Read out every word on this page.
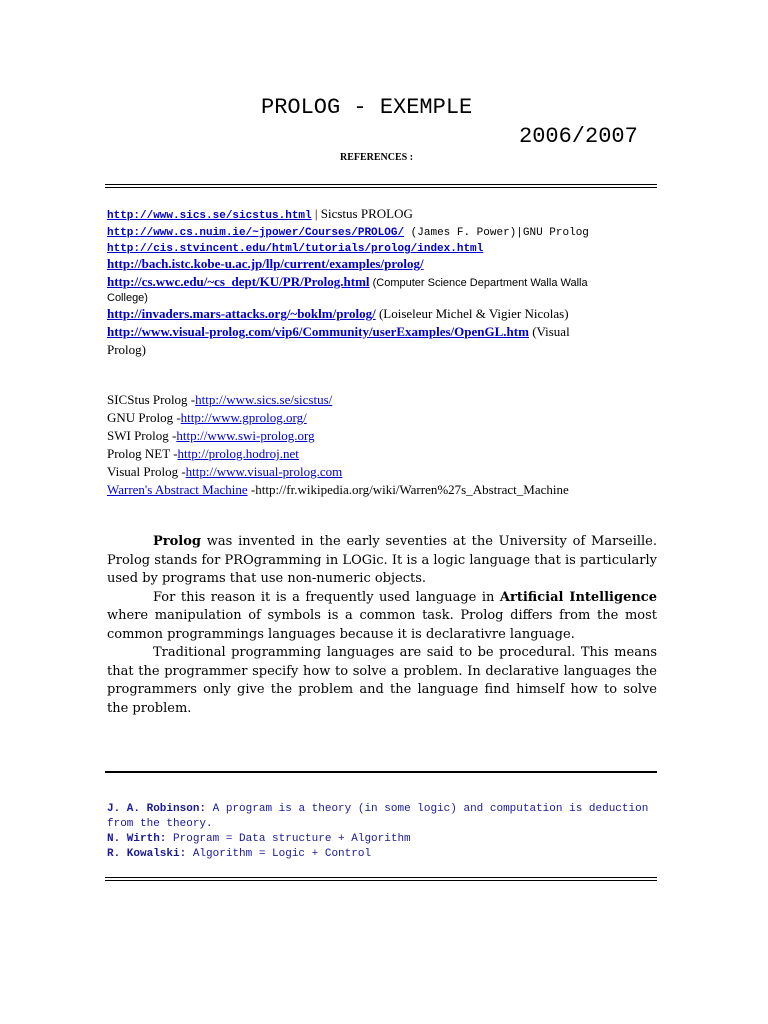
PROLOG - EXEMPLE
2006/2007
REFERENCES :
http://www.sics.se/sicstus.html | Sicstus PROLOG
http://www.cs.nuim.ie/~jpower/Courses/PROLOG/ (James F. Power)|GNU Prolog
http://cis.stvincent.edu/html/tutorials/prolog/index.html
http://bach.istc.kobe-u.ac.jp/llp/current/examples/prolog/
http://cs.wwc.edu/~cs_dept/KU/PR/Prolog.html (Computer Science Department Walla Walla
College)
http://invaders.mars-attacks.org/~boklm/prolog/ (Loiseleur Michel & Vigier Nicolas)
http://www.visual-prolog.com/vip6/Community/userExamples/OpenGL.htm (Visual
Prolog)
SICStus Prolog -http://www.sics.se/sicstus/
GNU Prolog -http://www.gprolog.org/
SWI Prolog -http://www.swi-prolog.org
Prolog NET -http://prolog.hodroj.net
Visual Prolog -http://www.visual-prolog.com
Warren's Abstract Machine -http://fr.wikipedia.org/wiki/Warren%27s_Abstract_Machine

Prolog was invented in the early seventies at the University of Marseille. Prolog stands for PROgramming in LOGic. It is a logic language that is particularly used by programs that use non-numeric objects.

For this reason it is a frequently used language in Artificial Intelligence where manipulation of symbols is a common task. Prolog differs from the most common programmings languages because it is declarativre language.

Traditional programming languages are said to be procedural. This means that the programmer specify how to solve a problem. In declarative languages the programmers only give the problem and the language find himself how to solve the problem.

J. A. Robinson: A program is a theory (in some logic) and computation is deduction from the theory.
N. Wirth: Program = Data structure + Algorithm
R. Kowalski: Algorithm = Logic + Control
